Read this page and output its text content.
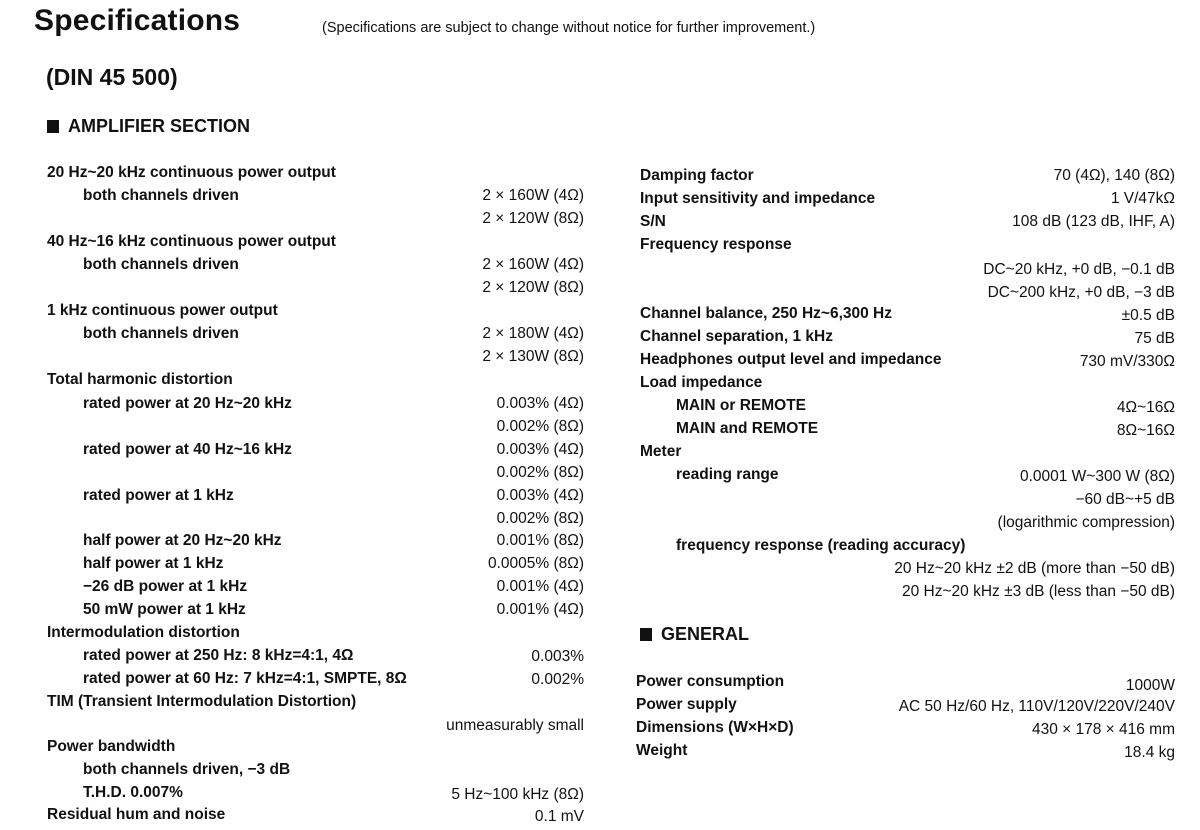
Specifications	(Specifications are subject to change without notice for further improvement.)
(DIN 45 500)
AMPLIFIER SECTION
20 Hz~20 kHz continuous power output
both channels driven	2 × 160W (4Ω)
2 × 120W (8Ω)
40 Hz~16 kHz continuous power output
both channels driven	2 × 160W (4Ω)
2 × 120W (8Ω)
1 kHz continuous power output
both channels driven	2 × 180W (4Ω)
2 × 130W (8Ω)
Total harmonic distortion
rated power at 20 Hz~20 kHz	0.003% (4Ω)
0.002% (8Ω)
rated power at 40 Hz~16 kHz	0.003% (4Ω)
0.002% (8Ω)
rated power at 1 kHz	0.003% (4Ω)
0.002% (8Ω)
half power at 20 Hz~20 kHz	0.001% (8Ω)
half power at 1 kHz	0.0005% (8Ω)
−26 dB power at 1 kHz	0.001% (4Ω)
50 mW power at 1 kHz	0.001% (4Ω)
Intermodulation distortion
rated power at 250 Hz: 8 kHz=4:1, 4Ω	0.003%
rated power at 60 Hz: 7 kHz=4:1, SMPTE, 8Ω	0.002%
TIM (Transient Intermodulation Distortion)
unmeasurably small
Power bandwidth
both channels driven, −3 dB
T.H.D. 0.007%	5 Hz~100 kHz (8Ω)
Residual hum and noise	0.1 mV
Damping factor	70 (4Ω), 140 (8Ω)
Input sensitivity and impedance	1 V/47kΩ
S/N	108 dB (123 dB, IHF, A)
Frequency response
DC~20 kHz, +0 dB, −0.1 dB
DC~200 kHz, +0 dB, −3 dB
Channel balance, 250 Hz~6,300 Hz	±0.5 dB
Channel separation, 1 kHz	75 dB
Headphones output level and impedance	730 mV/330Ω
Load impedance
MAIN or REMOTE	4Ω~16Ω
MAIN and REMOTE	8Ω~16Ω
Meter
reading range	0.0001 W~300 W (8Ω)
−60 dB~+5 dB
(logarithmic compression)
frequency response (reading accuracy)
20 Hz~20 kHz ±2 dB (more than −50 dB)
20 Hz~20 kHz ±3 dB (less than −50 dB)
GENERAL
Power consumption	1000W
Power supply	AC 50 Hz/60 Hz, 110V/120V/220V/240V
Dimensions (W×H×D)	430 × 178 × 416 mm
Weight	18.4 kg
